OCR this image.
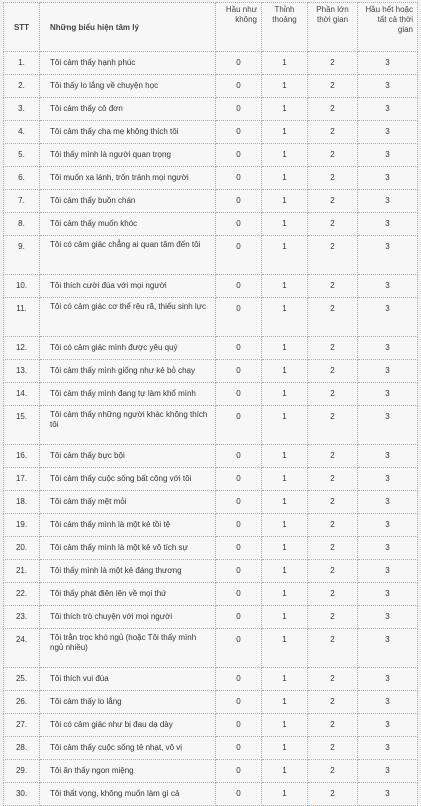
STT	Những biểu hiện tâm lý	Hầu như không	Thỉnh thoảng	Phần lớn thời gian	Hầu hết hoặc tất cả thời gian
1.	Tôi cảm thấy hạnh phúc	0	1	2	3
2.	Tôi thấy lo lắng về chuyện học	0	1	2	3
3.	Tôi cảm thấy cô đơn	0	1	2	3
4.	Tôi cảm thấy cha mẹ không thích tôi	0	1	2	3
5.	Tôi thấy mình là người quan trọng	0	1	2	3
6.	Tôi muốn xa lánh, trốn tránh mọi người	0	1	2	3
7.	Tôi cảm thấy buồn chán	0	1	2	3
8.	Tôi cảm thấy muốn khóc	0	1	2	3
9.	Tôi có cảm giác chẳng ai quan tâm đến tôi	0	1	2	3
10.	Tôi thích cười đùa với mọi người	0	1	2	3
11.	Tôi có cảm giác cơ thể rệu rã, thiếu sinh lực	0	1	2	3
12.	Tôi có cảm giác mình được yêu quý	0	1	2	3
13.	Tôi cảm thấy mình giống như kẻ bỏ chạy	0	1	2	3
14.	Tôi cảm thấy mình đang tự làm khổ mình	0	1	2	3
15.	Tôi cảm thấy những người khác không thích tôi	0	1	2	3
16.	Tôi cảm thấy bực bội	0	1	2	3
17.	Tôi cảm thấy cuộc sống bất công với tôi	0	1	2	3
18.	Tôi cảm thấy mệt mỏi	0	1	2	3
19.	Tôi cảm thấy mình là một kẻ tồi tệ	0	1	2	3
20.	Tôi cảm thấy mình là một kẻ vô tích sự	0	1	2	3
21.	Tôi thấy mình là một kẻ đáng thương	0	1	2	3
22.	Tôi thấy phát điên lên về mọi thứ	0	1	2	3
23.	Tôi thích trò chuyện với mọi người	0	1	2	3
24.	Tôi trằn trọc khó ngủ (hoặc Tôi thấy mình ngủ nhiều)	0	1	2	3
25.	Tôi thích vui đùa	0	1	2	3
26.	Tôi cảm thấy lo lắng	0	1	2	3
27.	Tôi có cảm giác như bị đau dạ dày	0	1	2	3
28.	Tôi cảm thấy cuộc sống tẻ nhạt, vô vị	0	1	2	3
29.	Tôi ăn thấy ngon miệng	0	1	2	3
30.	Tôi thất vọng, không muốn làm gì cả	0	1	2	3
